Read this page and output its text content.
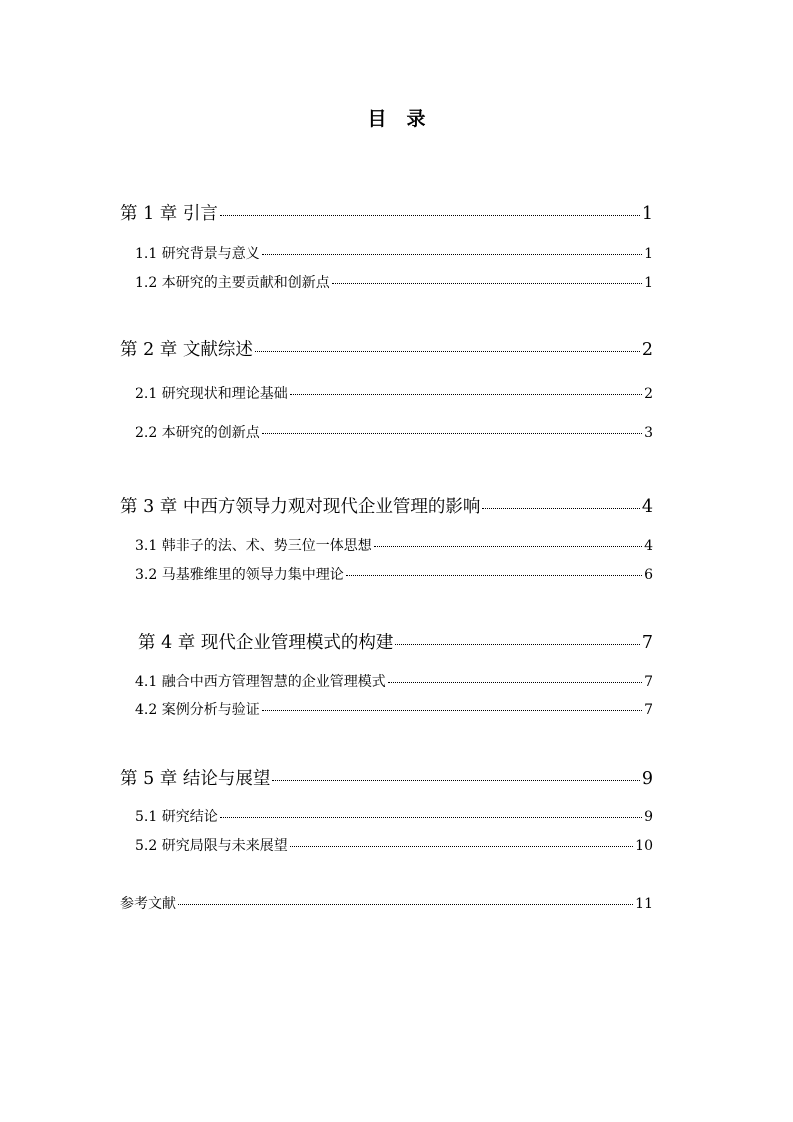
目 录
第 1 章 引言	1
1.1 研究背景与意义	1
1.2 本研究的主要贡献和创新点	1
第 2 章 文献综述	2
2.1 研究现状和理论基础	2
2.2 本研究的创新点	3
第 3 章 中西方领导力观对现代企业管理的影响	4
3.1 韩非子的法、术、势三位一体思想	4
3.2 马基雅维里的领导力集中理论	6
第 4 章 现代企业管理模式的构建	7
4.1 融合中西方管理智慧的企业管理模式	7
4.2 案例分析与验证	7
第 5 章 结论与展望	9
5.1 研究结论	9
5.2 研究局限与未来展望	10
参考文献	11
